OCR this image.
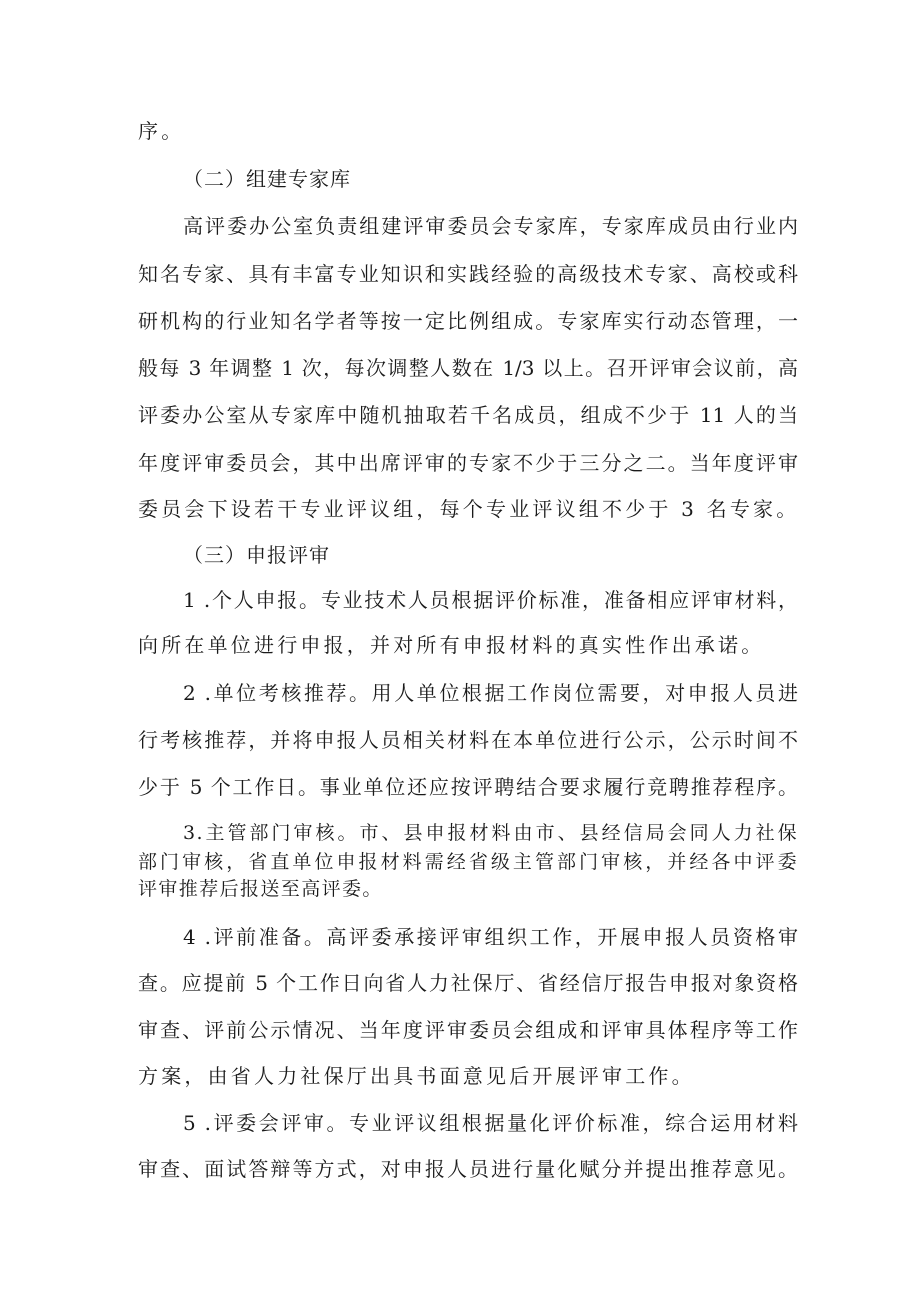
序。
（二）组建专家库
高评委办公室负责组建评审委员会专家库，专家库成员由行业内
知名专家、具有丰富专业知识和实践经验的高级技术专家、高校或科
研机构的行业知名学者等按一定比例组成。专家库实行动态管理，一
般每 3 年调整 1 次，每次调整人数在 1/3 以上。召开评审会议前，高
评委办公室从专家库中随机抽取若千名成员，组成不少于 11 人的当
年度评审委员会，其中出席评审的专家不少于三分之二。当年度评审
委员会下设若干专业评议组，每个专业评议组不少于 3 名专家。
（三）申报评审
1 .个人申报。专业技术人员根据评价标准，准备相应评审材料，
向所在单位进行申报，并对所有申报材料的真实性作出承诺。
2 .单位考核推荐。用人单位根据工作岗位需要，对申报人员进
行考核推荐，并将申报人员相关材料在本单位进行公示，公示时间不
少于 5 个工作日。事业单位还应按评聘结合要求履行竞聘推荐程序。
3.主管部门审核。市、县申报材料由市、县经信局会同人力社保
部门审核，省直单位申报材料需经省级主管部门审核，并经各中评委
评审推荐后报送至高评委。
4 .评前准备。高评委承接评审组织工作，开展申报人员资格审
查。应提前 5 个工作日向省人力社保厅、省经信厅报告申报对象资格
审查、评前公示情况、当年度评审委员会组成和评审具体程序等工作
方案，由省人力社保厅出具书面意见后开展评审工作。
5 .评委会评审。专业评议组根据量化评价标准，综合运用材料
审查、面试答辩等方式，对申报人员进行量化赋分并提出推荐意见。
